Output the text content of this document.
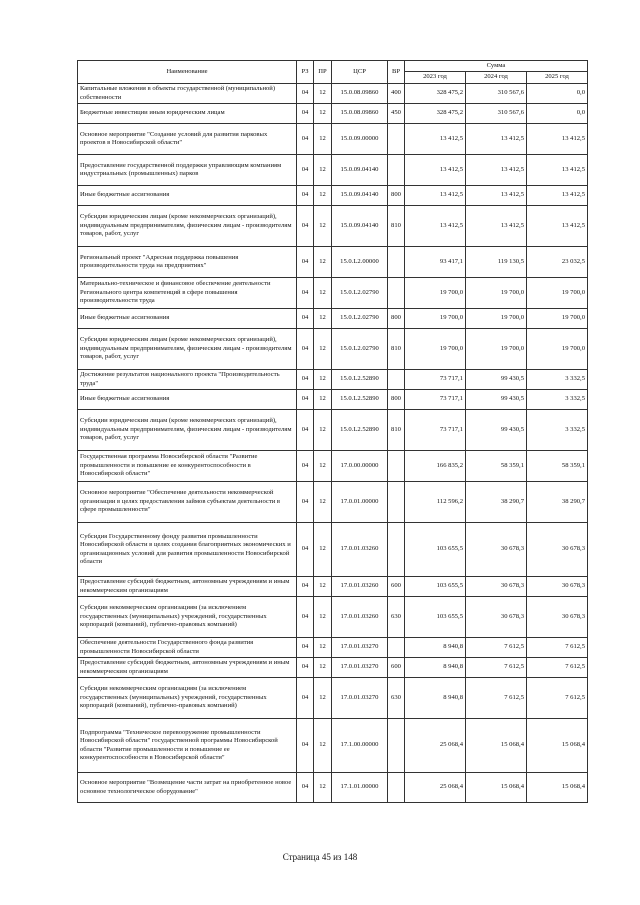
Наименование	РЗ	ПР	ЦСР	ВР	Сумма		
					2023 год	2024 год	2025 год
Капитальные вложения в объекты государственной (муниципальной) собственности	04	12	15.0.08.09860	400	328 475,2	310 567,6	0,0
Бюджетные инвестиции иным юридическим лицам	04	12	15.0.08.09860	450	328 475,2	310 567,6	0,0
Основное мероприятие "Создание условий для развития парковых проектов в Новосибирской области"	04	12	15.0.09.00000		13 412,5	13 412,5	13 412,5
Предоставление государственной поддержки управляющим компаниям индустриальных (промышленных) парков	04	12	15.0.09.04140		13 412,5	13 412,5	13 412,5
Иные бюджетные ассигнования	04	12	15.0.09.04140	800	13 412,5	13 412,5	13 412,5
Субсидии юридическим лицам (кроме некоммерческих организаций), индивидуальным предпринимателям, физическим лицам - производителям товаров, работ, услуг	04	12	15.0.09.04140	810	13 412,5	13 412,5	13 412,5
Региональный проект "Адресная поддержка повышения производительности труда на предприятиях"	04	12	15.0.L2.00000		93 417,1	119 130,5	23 032,5
Материально-техническое и финансовое обеспечение деятельности Регионального центра компетенций в сфере повышения производительности труда	04	12	15.0.L2.02790		19 700,0	19 700,0	19 700,0
Иные бюджетные ассигнования	04	12	15.0.L2.02790	800	19 700,0	19 700,0	19 700,0
Субсидии юридическим лицам (кроме некоммерческих организаций), индивидуальным предпринимателям, физическим лицам - производителям товаров, работ, услуг	04	12	15.0.L2.02790	810	19 700,0	19 700,0	19 700,0
Достижение результатов национального проекта "Производительность труда"	04	12	15.0.L2.52890		73 717,1	99 430,5	3 332,5
Иные бюджетные ассигнования	04	12	15.0.L2.52890	800	73 717,1	99 430,5	3 332,5
Субсидии юридическим лицам (кроме некоммерческих организаций), индивидуальным предпринимателям, физическим лицам - производителям товаров, работ, услуг	04	12	15.0.L2.52890	810	73 717,1	99 430,5	3 332,5
Государственная программа Новосибирской области "Развитие промышленности и повышение ее конкурентоспособности в Новосибирской области"	04	12	17.0.00.00000		166 835,2	58 359,1	58 359,1
Основное мероприятие "Обеспечение деятельности некоммерческой организации в целях предоставления займов субъектам деятельности в сфере промышленности"	04	12	17.0.01.00000		112 596,2	38 290,7	38 290,7
Субсидия Государственному фонду развития промышленности Новосибирской области в целях создания благоприятных экономических и организационных условий для развития промышленности Новосибирской области	04	12	17.0.01.03260		103 655,5	30 678,3	30 678,3
Предоставление субсидий бюджетным, автономным учреждениям и иным некоммерческим организациям	04	12	17.0.01.03260	600	103 655,5	30 678,3	30 678,3
Субсидии некоммерческим организациям (за исключением государственных (муниципальных) учреждений, государственных корпораций (компаний), публично-правовых компаний)	04	12	17.0.01.03260	630	103 655,5	30 678,3	30 678,3
Обеспечение деятельности Государственного фонда развития промышленности Новосибирской области	04	12	17.0.01.03270		8 940,8	7 612,5	7 612,5
Предоставление субсидий бюджетным, автономным учреждениям и иным некоммерческим организациям	04	12	17.0.01.03270	600	8 940,8	7 612,5	7 612,5
Субсидии некоммерческим организациям (за исключением государственных (муниципальных) учреждений, государственных корпораций (компаний), публично-правовых компаний)	04	12	17.0.01.03270	630	8 940,8	7 612,5	7 612,5
Подпрограмма "Техническое перевооружение промышленности Новосибирской области" государственной программы Новосибирской области "Развитие промышленности и повышение ее конкурентоспособности в Новосибирской области"	04	12	17.1.00.00000		25 068,4	15 068,4	15 068,4
Основное мероприятие "Возмещение части затрат на приобретенное новое основное технологическое оборудование"	04	12	17.1.01.00000		25 068,4	15 068,4	15 068,4
Страница 45 из 148
